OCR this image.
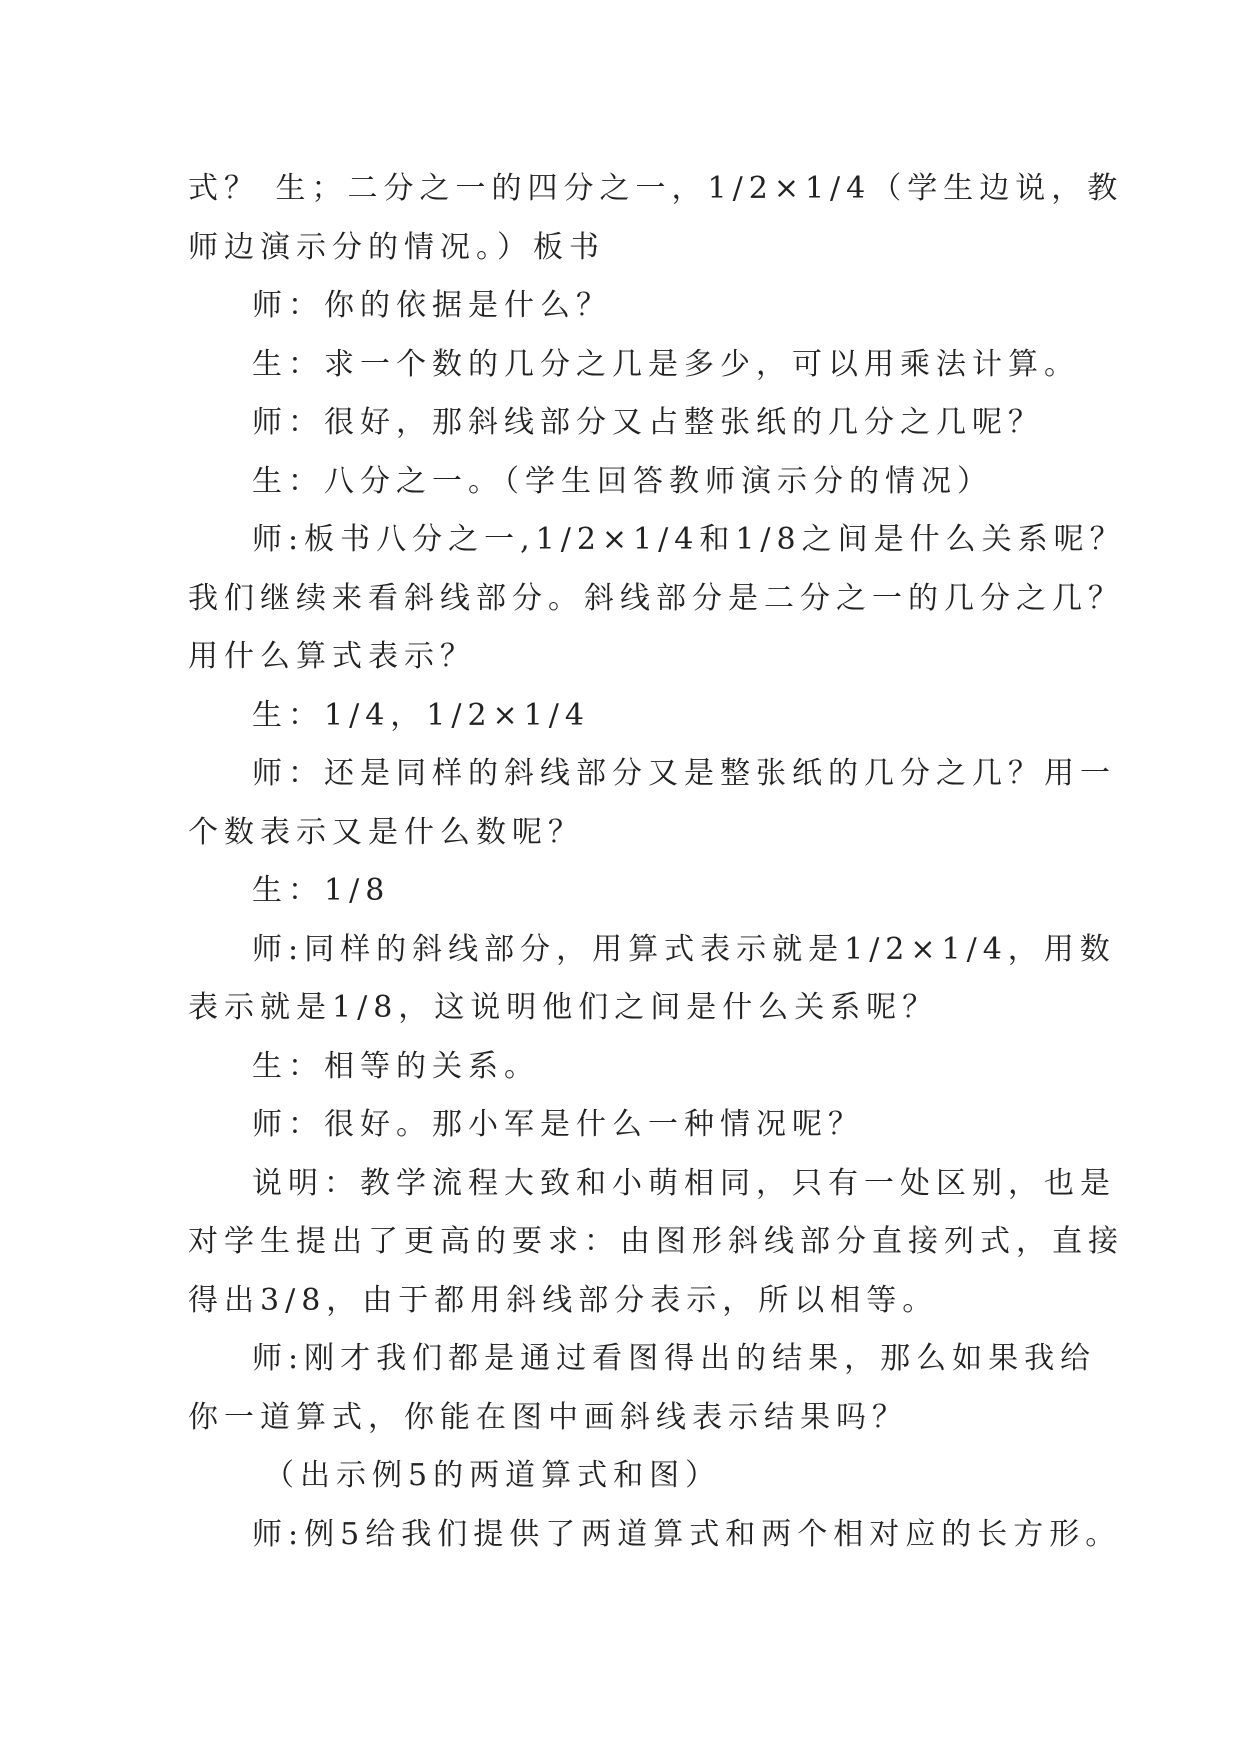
式？ 生；二分之一的四分之一，1/2×1/4（学生边说，教

师边演示分的情况。）板书

师：你的依据是什么？

生：求一个数的几分之几是多少，可以用乘法计算。

师：很好，那斜线部分又占整张纸的几分之几呢？

生：八分之一。（学生回答教师演示分的情况）

师:板书八分之一,1/2×1/4和1/8之间是什么关系呢？

我们继续来看斜线部分。斜线部分是二分之一的几分之几？

用什么算式表示？

生：1/4，1/2×1/4

师：还是同样的斜线部分又是整张纸的几分之几？用一

个数表示又是什么数呢？

生：1/8

师:同样的斜线部分，用算式表示就是1/2×1/4，用数

表示就是1/8，这说明他们之间是什么关系呢？

生：相等的关系。

师：很好。那小军是什么一种情况呢？

说明：教学流程大致和小萌相同，只有一处区别，也是

对学生提出了更高的要求：由图形斜线部分直接列式，直接

得出3/8，由于都用斜线部分表示，所以相等。

师:刚才我们都是通过看图得出的结果，那么如果我给

你一道算式，你能在图中画斜线表示结果吗？

（出示例5的两道算式和图）

师:例5给我们提供了两道算式和两个相对应的长方形。
